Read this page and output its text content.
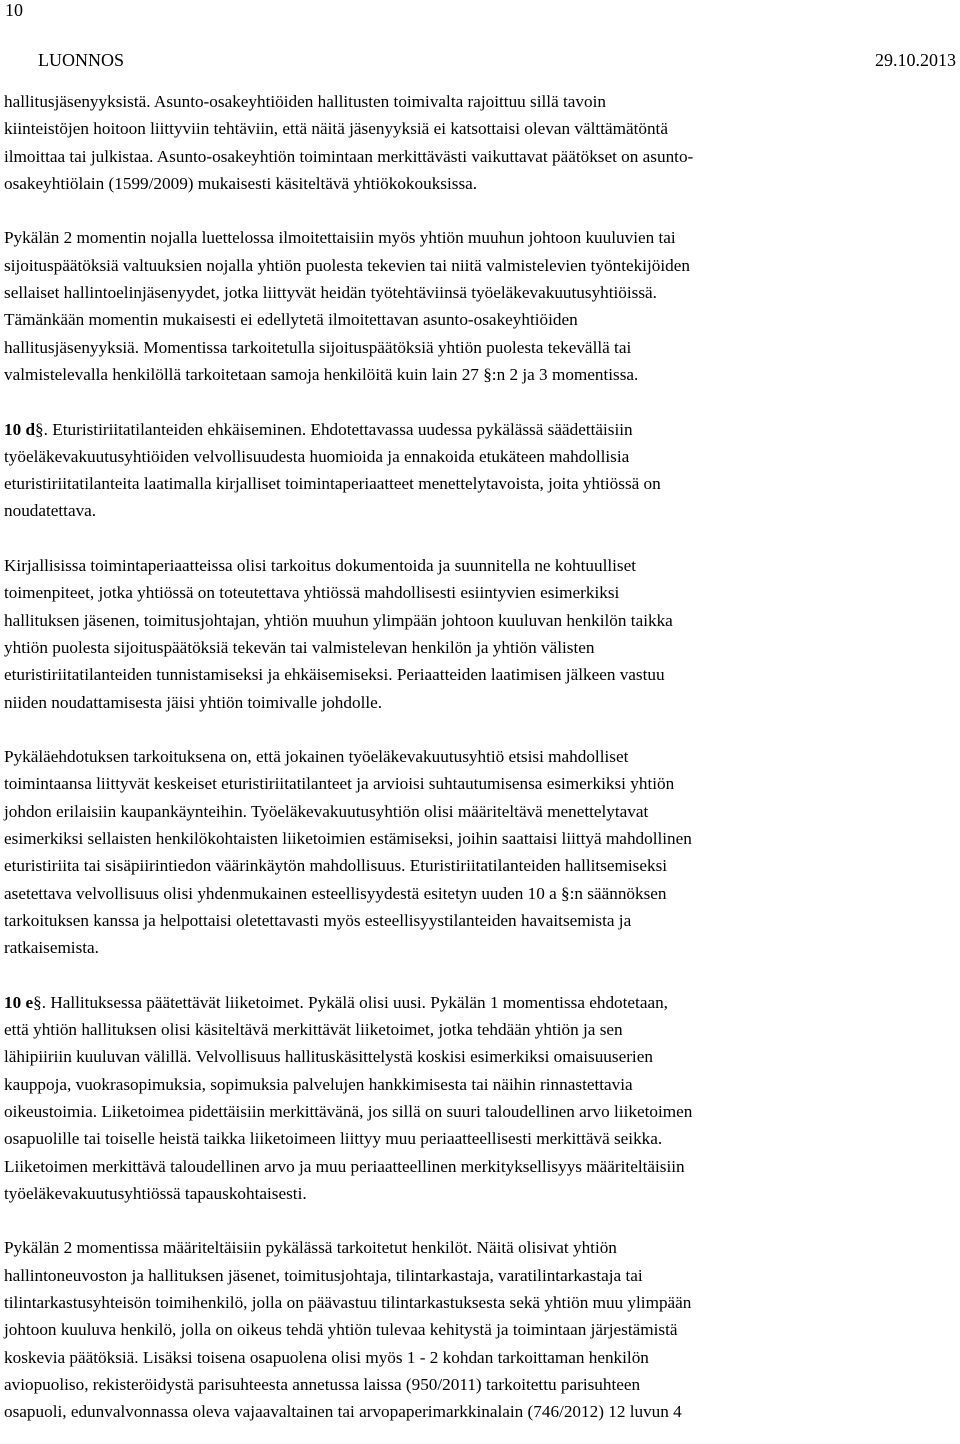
10
LUONNOS	29.10.2013

hallitusjäsenyyksistä. Asunto-osakeyhtiöiden hallitusten toimivalta rajoittuu sillä tavoin
kiinteistöjen hoitoon liittyviin tehtäviin, että näitä jäsenyyksiä ei katsottaisi olevan välttämätöntä
ilmoittaa tai julkistaa. Asunto-osakeyhtiön toimintaan merkittävästi vaikuttavat päätökset on asunto-
osakeyhtiölain (1599/2009) mukaisesti käsiteltävä yhtiökokouksissa.

Pykälän 2 momentin nojalla luettelossa ilmoitettaisiin myös yhtiön muuhun johtoon kuuluvien tai
sijoituspäätöksiä valtuuksien nojalla yhtiön puolesta tekevien tai niitä valmistelevien työntekijöiden
sellaiset hallintoelinjäsenyydet, jotka liittyvät heidän työtehtäviinsä työeläkevakuutusyhtiöissä.
Tämänkään momentin mukaisesti ei edellytetä ilmoitettavan asunto-osakeyhtiöiden
hallitusjäsenyyksiä. Momentissa tarkoitetulla sijoituspäätöksiä yhtiön puolesta tekevällä tai
valmistelevalla henkilöllä tarkoitetaan samoja henkilöitä kuin lain 27 §:n 2 ja 3 momentissa.

10 d§. Eturistiriitatilanteiden ehkäiseminen. Ehdotettavassa uudessa pykälässä säädettäisiin
työeläkevakuutusyhtiöiden velvollisuudesta huomioida ja ennakoida etukäteen mahdollisia
eturistiriitatilanteita laatimalla kirjalliset toimintaperiaatteet menettelytavoista, joita yhtiössä on
noudatettava.

Kirjallisissa toimintaperiaatteissa olisi tarkoitus dokumentoida ja suunnitella ne kohtuulliset
toimenpiteet, jotka yhtiössä on toteutettava yhtiössä mahdollisesti esiintyvien esimerkiksi
hallituksen jäsenen, toimitusjohtajan, yhtiön muuhun ylimpään johtoon kuuluvan henkilön taikka
yhtiön puolesta sijoituspäätöksiä tekevän tai valmistelevan henkilön ja yhtiön välisten
eturistiriitatilanteiden tunnistamiseksi ja ehkäisemiseksi. Periaatteiden laatimisen jälkeen vastuu
niiden noudattamisesta jäisi yhtiön toimivalle johdolle.

Pykäläehdotuksen tarkoituksena on, että jokainen työeläkevakuutusyhtiö etsisi mahdolliset
toimintaansa liittyvät keskeiset eturistiriitatilanteet ja arvioisi suhtautumisensa esimerkiksi yhtiön
johdon erilaisiin kaupankäynteihin. Työeläkevakuutusyhtiön olisi määriteltävä menettelytavat
esimerkiksi sellaisten henkilökohtaisten liiketoimien estämiseksi, joihin saattaisi liittyä mahdollinen
eturistiriita tai sisäpiirintiedon väärinkäytön mahdollisuus. Eturistiriitatilanteiden hallitsemiseksi
asetettava velvollisuus olisi yhdenmukainen esteellisyydestä esitetyn uuden 10 a §:n säännöksen
tarkoituksen kanssa ja helpottaisi oletettavasti myös esteellisyystilanteiden havaitsemista ja
ratkaisemista.

10 e§. Hallituksessa päätettävät liiketoimet. Pykälä olisi uusi. Pykälän 1 momentissa ehdotetaan,
että yhtiön hallituksen olisi käsiteltävä merkittävät liiketoimet, jotka tehdään yhtiön ja sen
lähipiiriin kuuluvan välillä. Velvollisuus hallituskäsittelystä koskisi esimerkiksi omaisuuserien
kauppoja, vuokrasopimuksia, sopimuksia palvelujen hankkimisesta tai näihin rinnastettavia
oikeustoimia. Liiketoimea pidettäisiin merkittävänä, jos sillä on suuri taloudellinen arvo liiketoimen
osapuolille tai toiselle heistä taikka liiketoimeen liittyy muu periaatteellisesti merkittävä seikka.
Liiketoimen merkittävä taloudellinen arvo ja muu periaatteellinen merkityksellisyys määriteltäisiin
työeläkevakuutusyhtiössä tapauskohtaisesti.

Pykälän 2 momentissa määriteltäisiin pykälässä tarkoitetut henkilöt. Näitä olisivat yhtiön
hallintoneuvoston ja hallituksen jäsenet, toimitusjohtaja, tilintarkastaja, varatilintarkastaja tai
tilintarkastusyhteisön toimihenkilö, jolla on päävastuu tilintarkastuksesta sekä yhtiön muu ylimpään
johtoon kuuluva henkilö, jolla on oikeus tehdä yhtiön tulevaa kehitystä ja toimintaan järjestämistä
koskevia päätöksiä. Lisäksi toisena osapuolena olisi myös 1 - 2 kohdan tarkoittaman henkilön
aviopuoliso, rekisteröidystä parisuhteesta annetussa laissa (950/2011) tarkoitettu parisuhteen
osapuoli, edunvalvonnassa oleva vajaavaltainen tai arvopaperimarkkinalain (746/2012) 12 luvun 4
